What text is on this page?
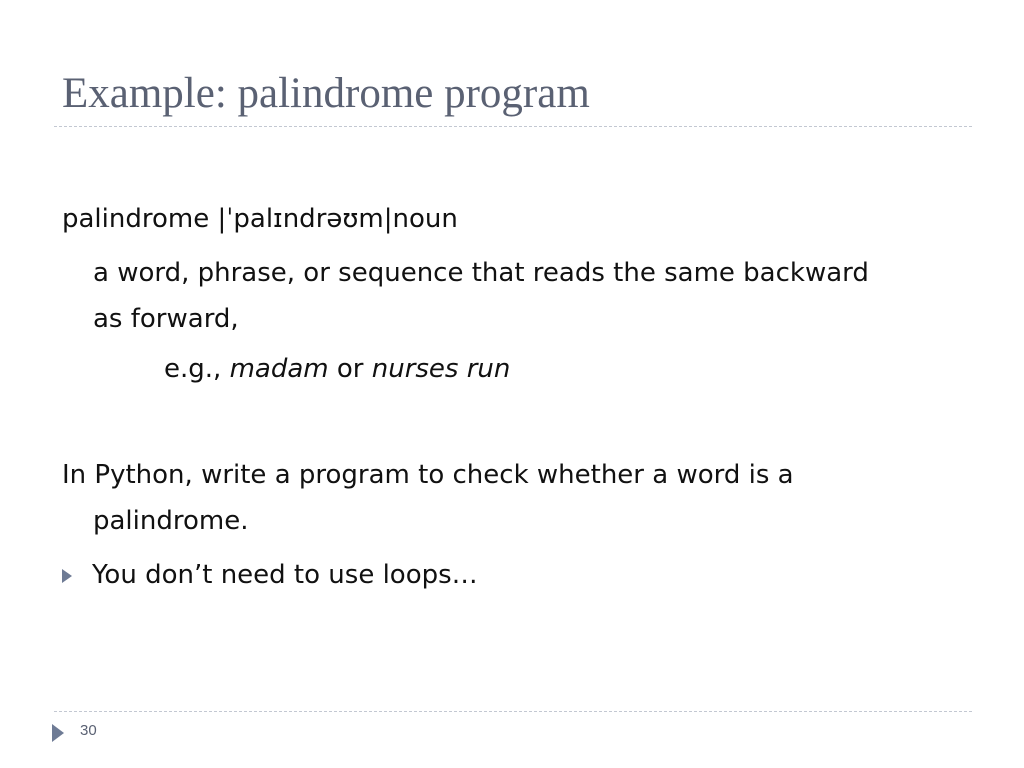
Example: palindrome program

palindrome |ˈpalɪndrəʊm|noun

a word, phrase, or sequence that reads the same backward as forward,

e.g., madam or nurses run

In Python, write a program to check whether a word is a
palindrome.

You don’t need to use loops…
30
